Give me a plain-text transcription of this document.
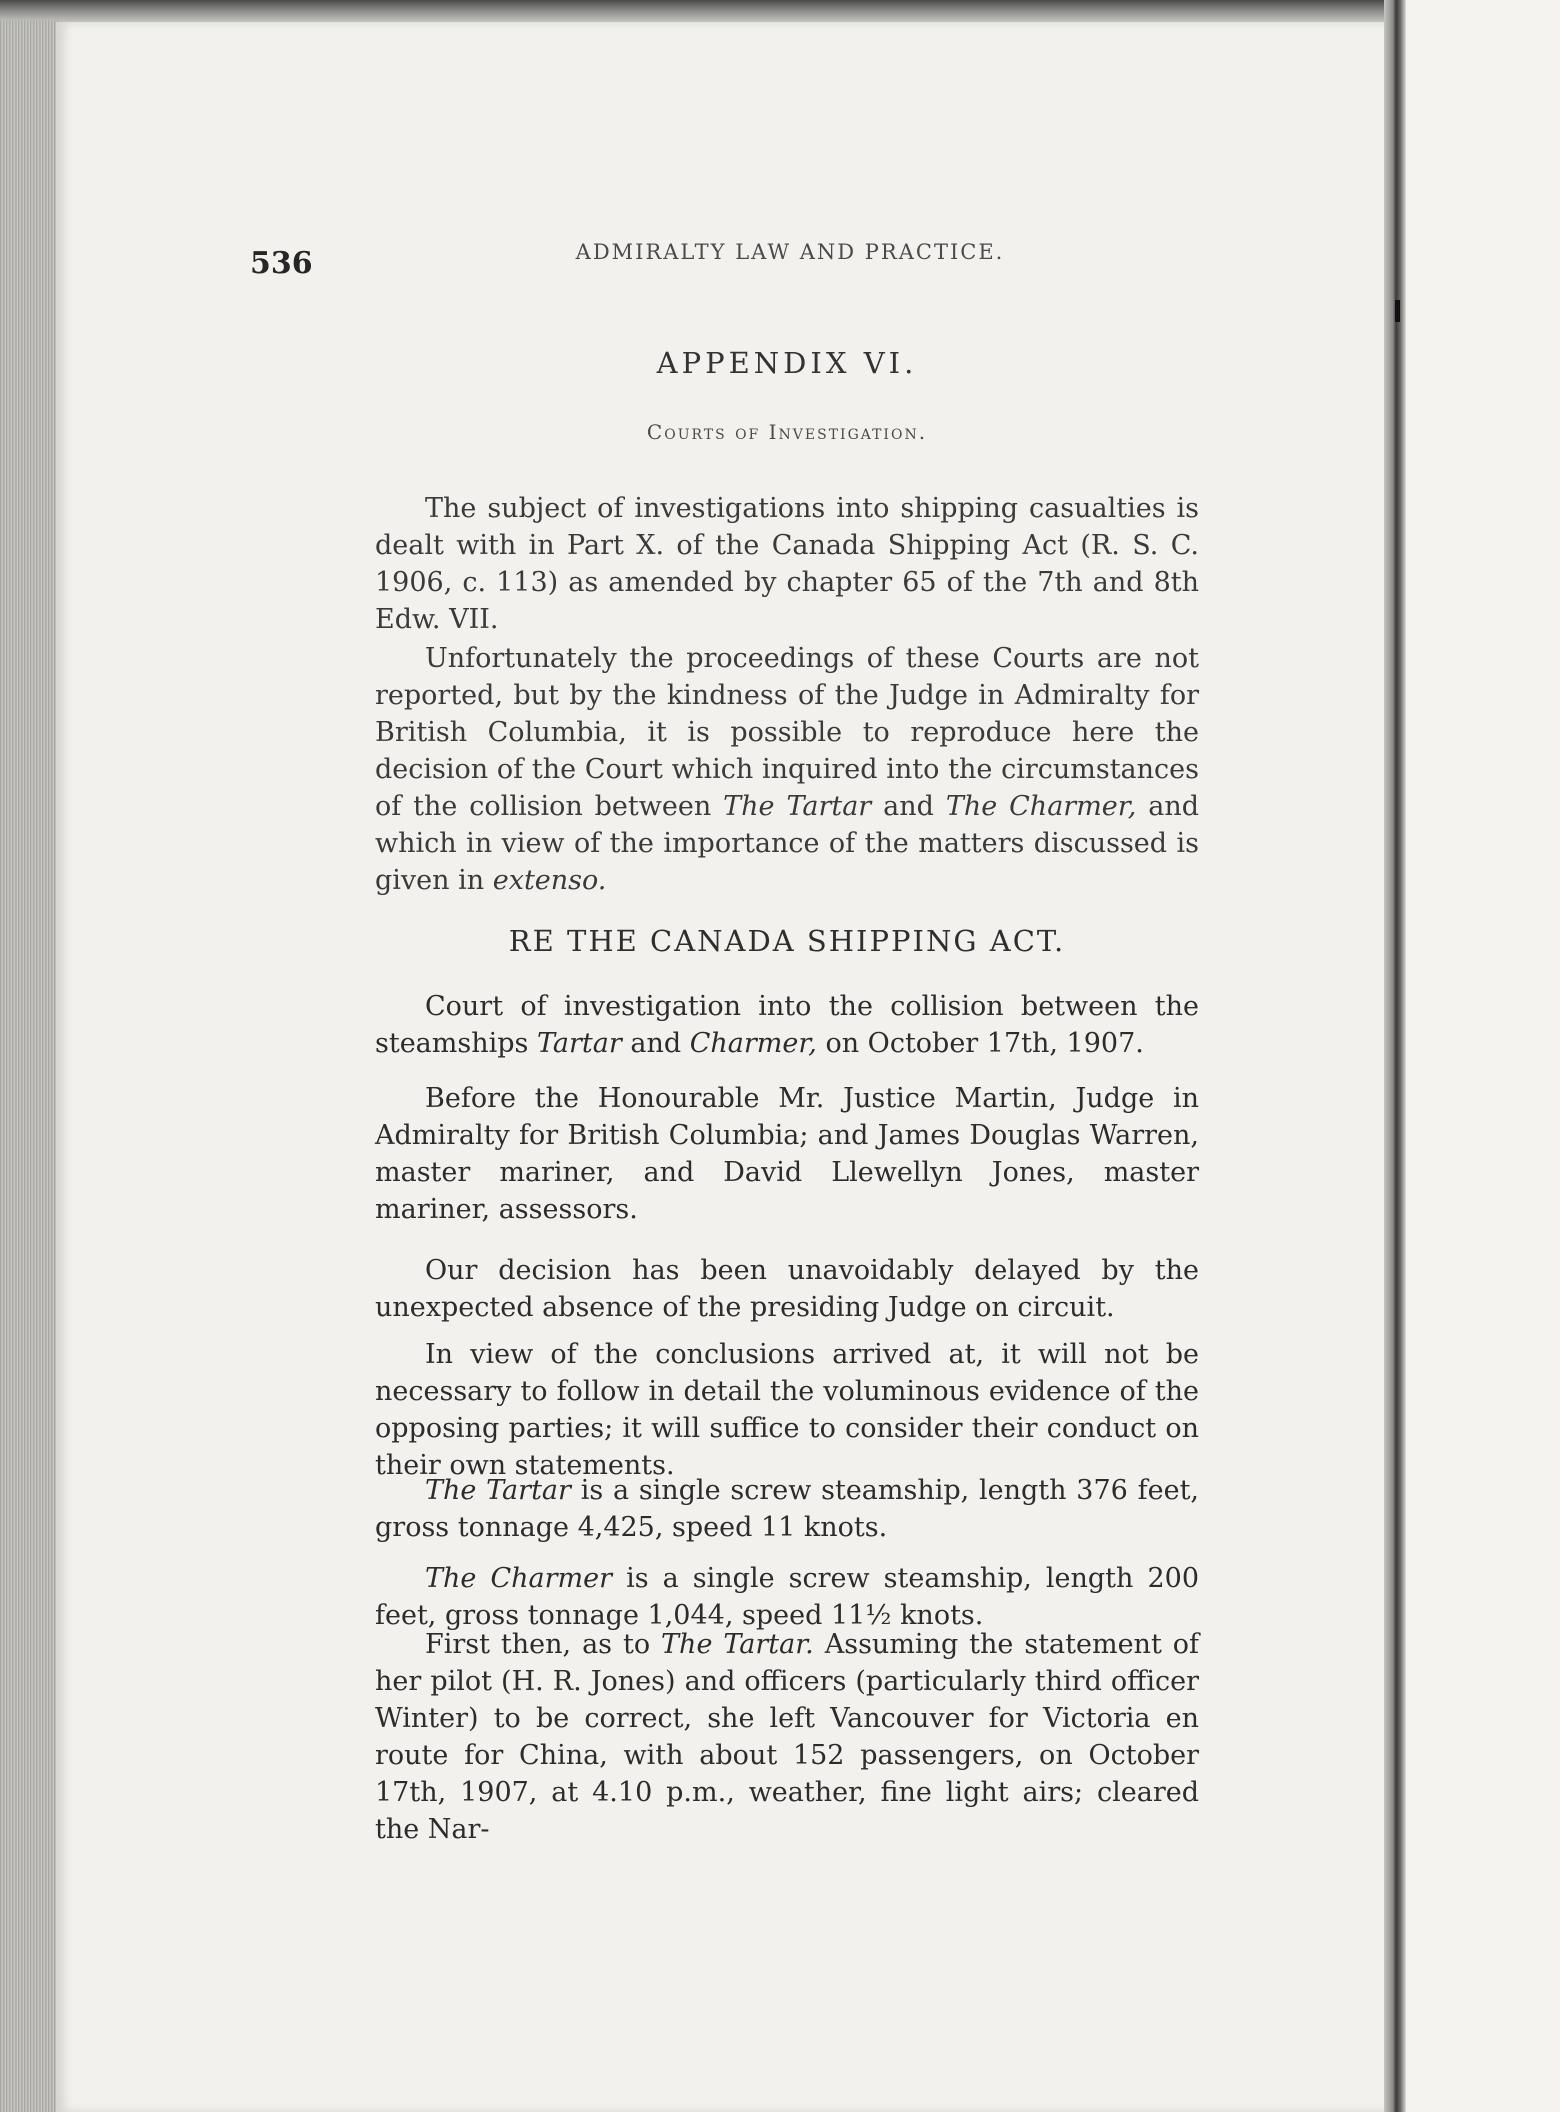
536	ADMIRALTY LAW AND PRACTICE.
APPENDIX VI.
Courts of Investigation.
The subject of investigations into shipping casualties is dealt with in Part X. of the Canada Shipping Act (R. S. C. 1906, c. 113) as amended by chapter 65 of the 7th and 8th Edw. VII.
Unfortunately the proceedings of these Courts are not reported, but by the kindness of the Judge in Admiralty for British Columbia, it is possible to reproduce here the decision of the Court which inquired into the circumstances of the collision between The Tartar and The Charmer, and which in view of the importance of the matters discussed is given in extenso.
RE THE CANADA SHIPPING ACT.
Court of investigation into the collision between the steamships Tartar and Charmer, on October 17th, 1907.
Before the Honourable Mr. Justice Martin, Judge in Admiralty for British Columbia; and James Douglas Warren, master mariner, and David Llewellyn Jones, master mariner, assessors.
Our decision has been unavoidably delayed by the unexpected absence of the presiding Judge on circuit.
In view of the conclusions arrived at, it will not be necessary to follow in detail the voluminous evidence of the opposing parties; it will suffice to consider their conduct on their own statements.
The Tartar is a single screw steamship, length 376 feet, gross tonnage 4,425, speed 11 knots.
The Charmer is a single screw steamship, length 200 feet, gross tonnage 1,044, speed 11½ knots.
First then, as to The Tartar. Assuming the statement of her pilot (H. R. Jones) and officers (particularly third officer Winter) to be correct, she left Vancouver for Victoria en route for China, with about 152 passengers, on October 17th, 1907, at 4.10 p.m., weather, fine light airs; cleared the Nar-
